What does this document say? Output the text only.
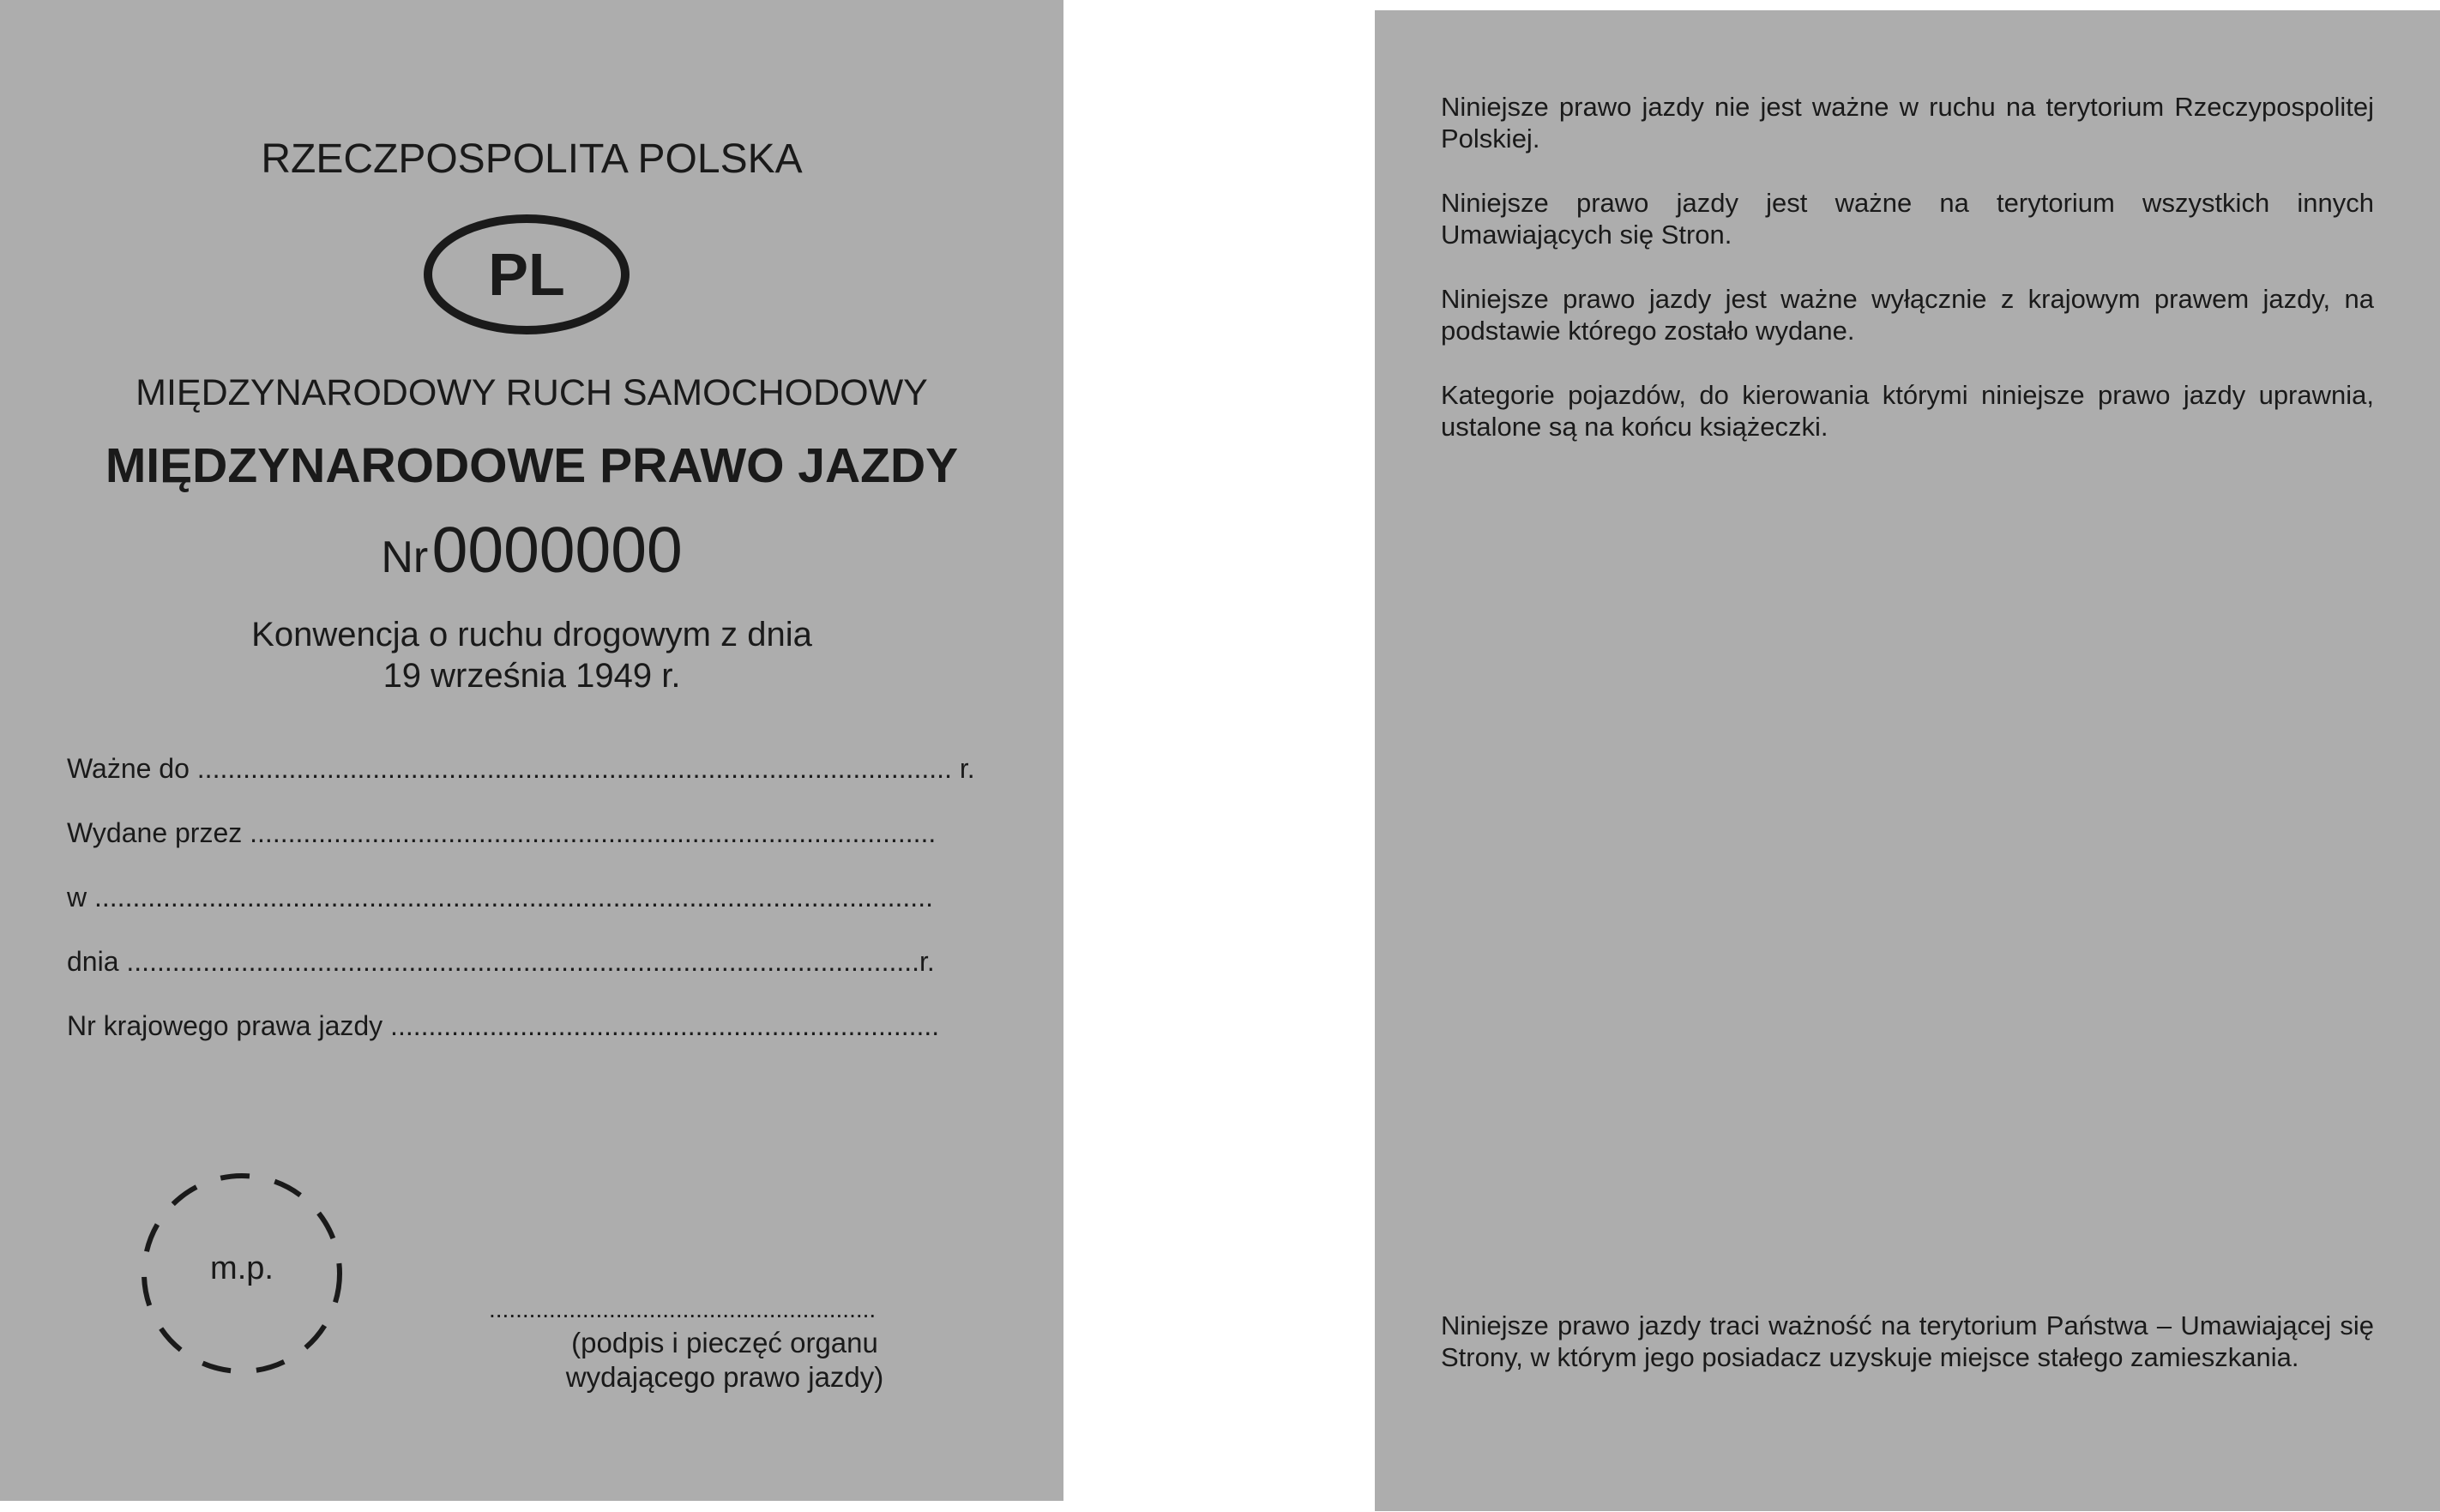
RZECZPOSPOLITA POLSKA
PL
MIĘDZYNARODOWY RUCH SAMOCHODOWY
MIĘDZYNARODOWE PRAWO JAZDY
Nr 0000000
Konwencja o ruchu drogowym z dnia
19 września 1949 r.
Ważne do ................................................................................................... r.
Wydane przez ..........................................................................................
w ..............................................................................................................
dnia ........................................................................................................r.
Nr krajowego prawa jazdy ........................................................................
m.p.
..........................................................
(podpis i pieczęć organu
wydającego prawo jazdy)

Niniejsze prawo jazdy nie jest ważne w ruchu na terytorium Rzeczypospolitej Polskiej.

Niniejsze prawo jazdy jest ważne na terytorium wszystkich innych Umawiających się Stron.

Niniejsze prawo jazdy jest ważne wyłącznie z krajowym prawem jazdy, na podstawie którego zostało wydane.

Kategorie pojazdów, do kierowania którymi niniejsze prawo jazdy uprawnia, ustalone są na końcu książeczki.

Niniejsze prawo jazdy traci ważność na terytorium Państwa – Umawiającej się Strony, w którym jego posiadacz uzyskuje miejsce stałego zamieszkania.
